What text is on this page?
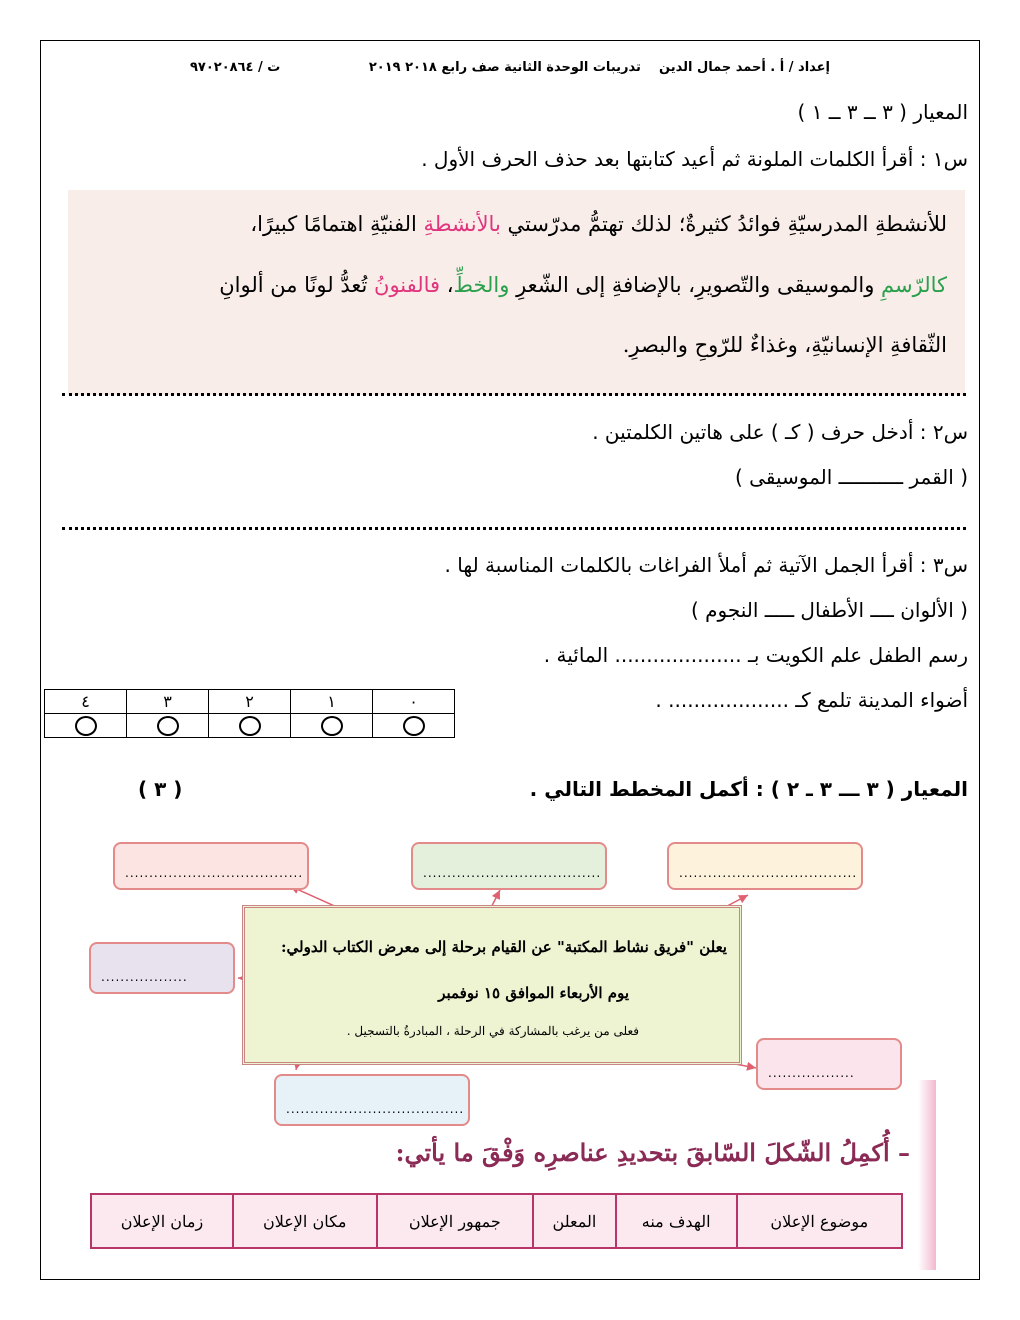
إعداد / أ . أحمد جمال الدين    تدريبات الوحدة الثانية صف رابع ٢٠١٨ ٢٠١٩
ت / ٩٧٠٢٠٨٦٤
المعيار ( ٣ ــ ٣ ــ ١ )
س١ : أقرأ الكلمات الملونة ثم أعيد كتابتها بعد حذف الحرف الأول .

للأنشطةِ المدرسيّةِ فوائدُ كثيرةٌ؛ لذلك تهتمُّ مدرّستي بالأنشطةِ الفنيّةِ اهتمامًا كبيرًا،

كالرّسمِ والموسيقى والتّصويرِ، بالإضافةِ إلى الشّعرِ والخطِّ، فالفنونُ تُعدُّ لونًا من ألوانِ

الثّقافةِ الإنسانيّةِ، وغذاءٌ للرّوحِ والبصرِ.

س٢ : أدخل حرف ( كـ ) على هاتين الكلمتين .
( القمر ـــــــــــ الموسيقى )
س٣ : أقرأ الجمل الآتية ثم أملأ الفراغات بالكلمات المناسبة لها .
( الألوان ــــ الأطفال ـــــ النجوم )
رسم الطفل علم الكويت بـ .................... المائية .
أضواء المدينة تلمع كـ ................... .
٠	١	٢	٣	٤

المعيار ( ٣ ـــ ٣ ـ ٢ ) : أكمل المخطط التالي .
( ٣ )
.....................................	.....................................	.....................................
..................
..................
.....................................

يعلن "فريق نشاط المكتبة" عن القيام برحلة إلى معرض الكتاب الدولي:

يوم الأربعاء الموافق ١٥ نوفمبر

فعلى من يرغب بالمشاركة في الرحلة ، المبادرةُ بالتسجيل .

– أُكمِلُ الشّكلَ السّابقَ بتحديدِ عناصرِه وَفْقَ ما يأتي:
موضوع الإعلان	الهدف منه	المعلن	جمهور الإعلان	مكان الإعلان	زمان الإعلان
